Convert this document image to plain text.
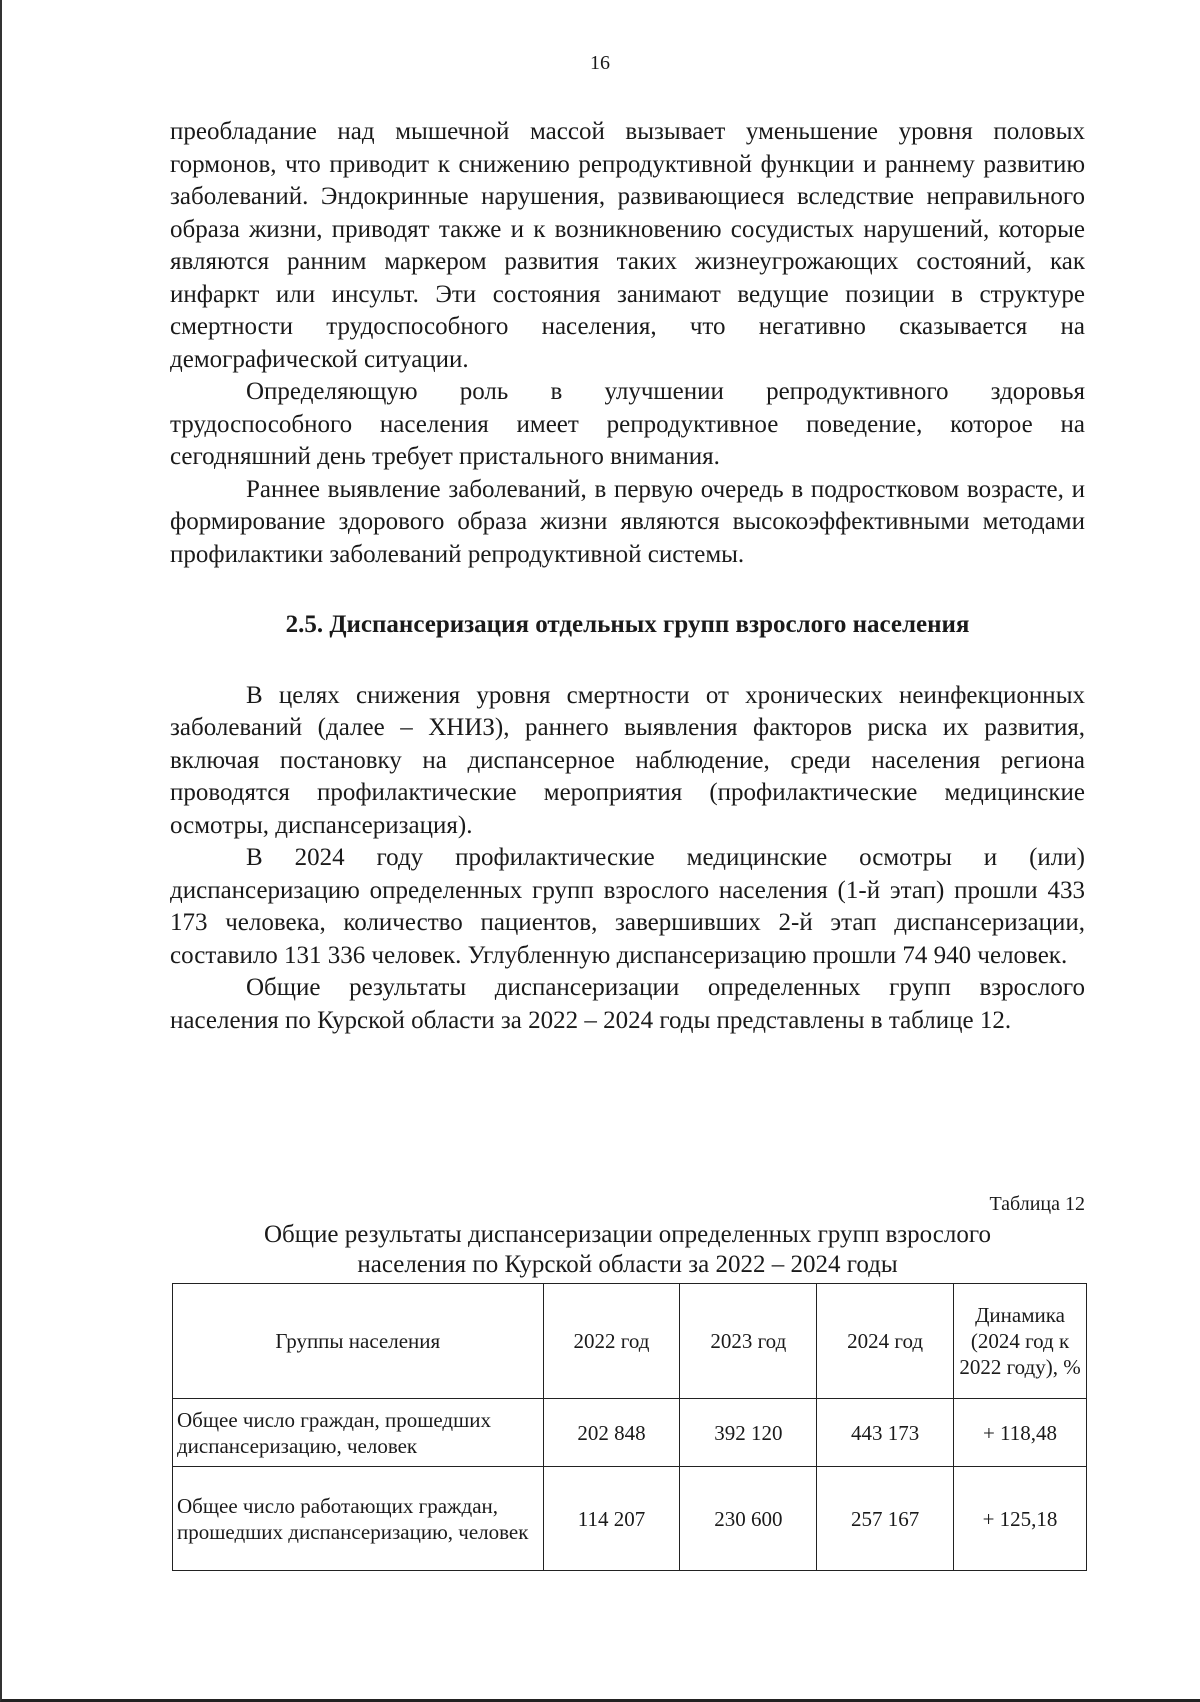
16

преобладание над мышечной массой вызывает уменьшение уровня половых гормонов, что приводит к снижению репродуктивной функции и раннему развитию заболеваний. Эндокринные нарушения, развивающиеся вследствие неправильного образа жизни, приводят также и к возникновению сосудистых нарушений, которые являются ранним маркером развития таких жизнеугрожающих состояний, как инфаркт или инсульт. Эти состояния занимают ведущие позиции в структуре смертности трудоспособного населения, что негативно сказывается на демографической ситуации.

Определяющую роль в улучшении репродуктивного здоровья трудоспособного населения имеет репродуктивное поведение, которое на сегодняшний день требует пристального внимания.

Раннее выявление заболеваний, в первую очередь в подростковом возрасте, и формирование здорового образа жизни являются высокоэффективными методами профилактики заболеваний репродуктивной системы.

2.5. Диспансеризация отдельных групп взрослого населения

В целях снижения уровня смертности от хронических неинфекционных заболеваний (далее – ХНИЗ), раннего выявления факторов риска их развития, включая постановку на диспансерное наблюдение, среди населения региона проводятся профилактические мероприятия (профилактические медицинские осмотры, диспансеризация).

В 2024 году профилактические медицинские осмотры и (или) диспансеризацию определенных групп взрослого населения (1-й этап) прошли 433 173 человека, количество пациентов, завершивших 2-й этап диспансеризации, составило 131 336 человек. Углубленную диспансеризацию прошли 74 940 человек.

Общие результаты диспансеризации определенных групп взрослого населения по Курской области за 2022 – 2024 годы представлены в таблице 12.

Таблица 12
Общие результаты диспансеризации определенных групп взрослого
населения по Курской области за 2022 – 2024 годы
Группы населения	2022 год	2023 год	2024 год	Динамика (2024 год к 2022 году), %
Общее число граждан, прошедших диспансеризацию, человек	202 848	392 120	443 173	+ 118,48
Общее число работающих граждан, прошедших диспансеризацию, человек	114 207	230 600	257 167	+ 125,18
